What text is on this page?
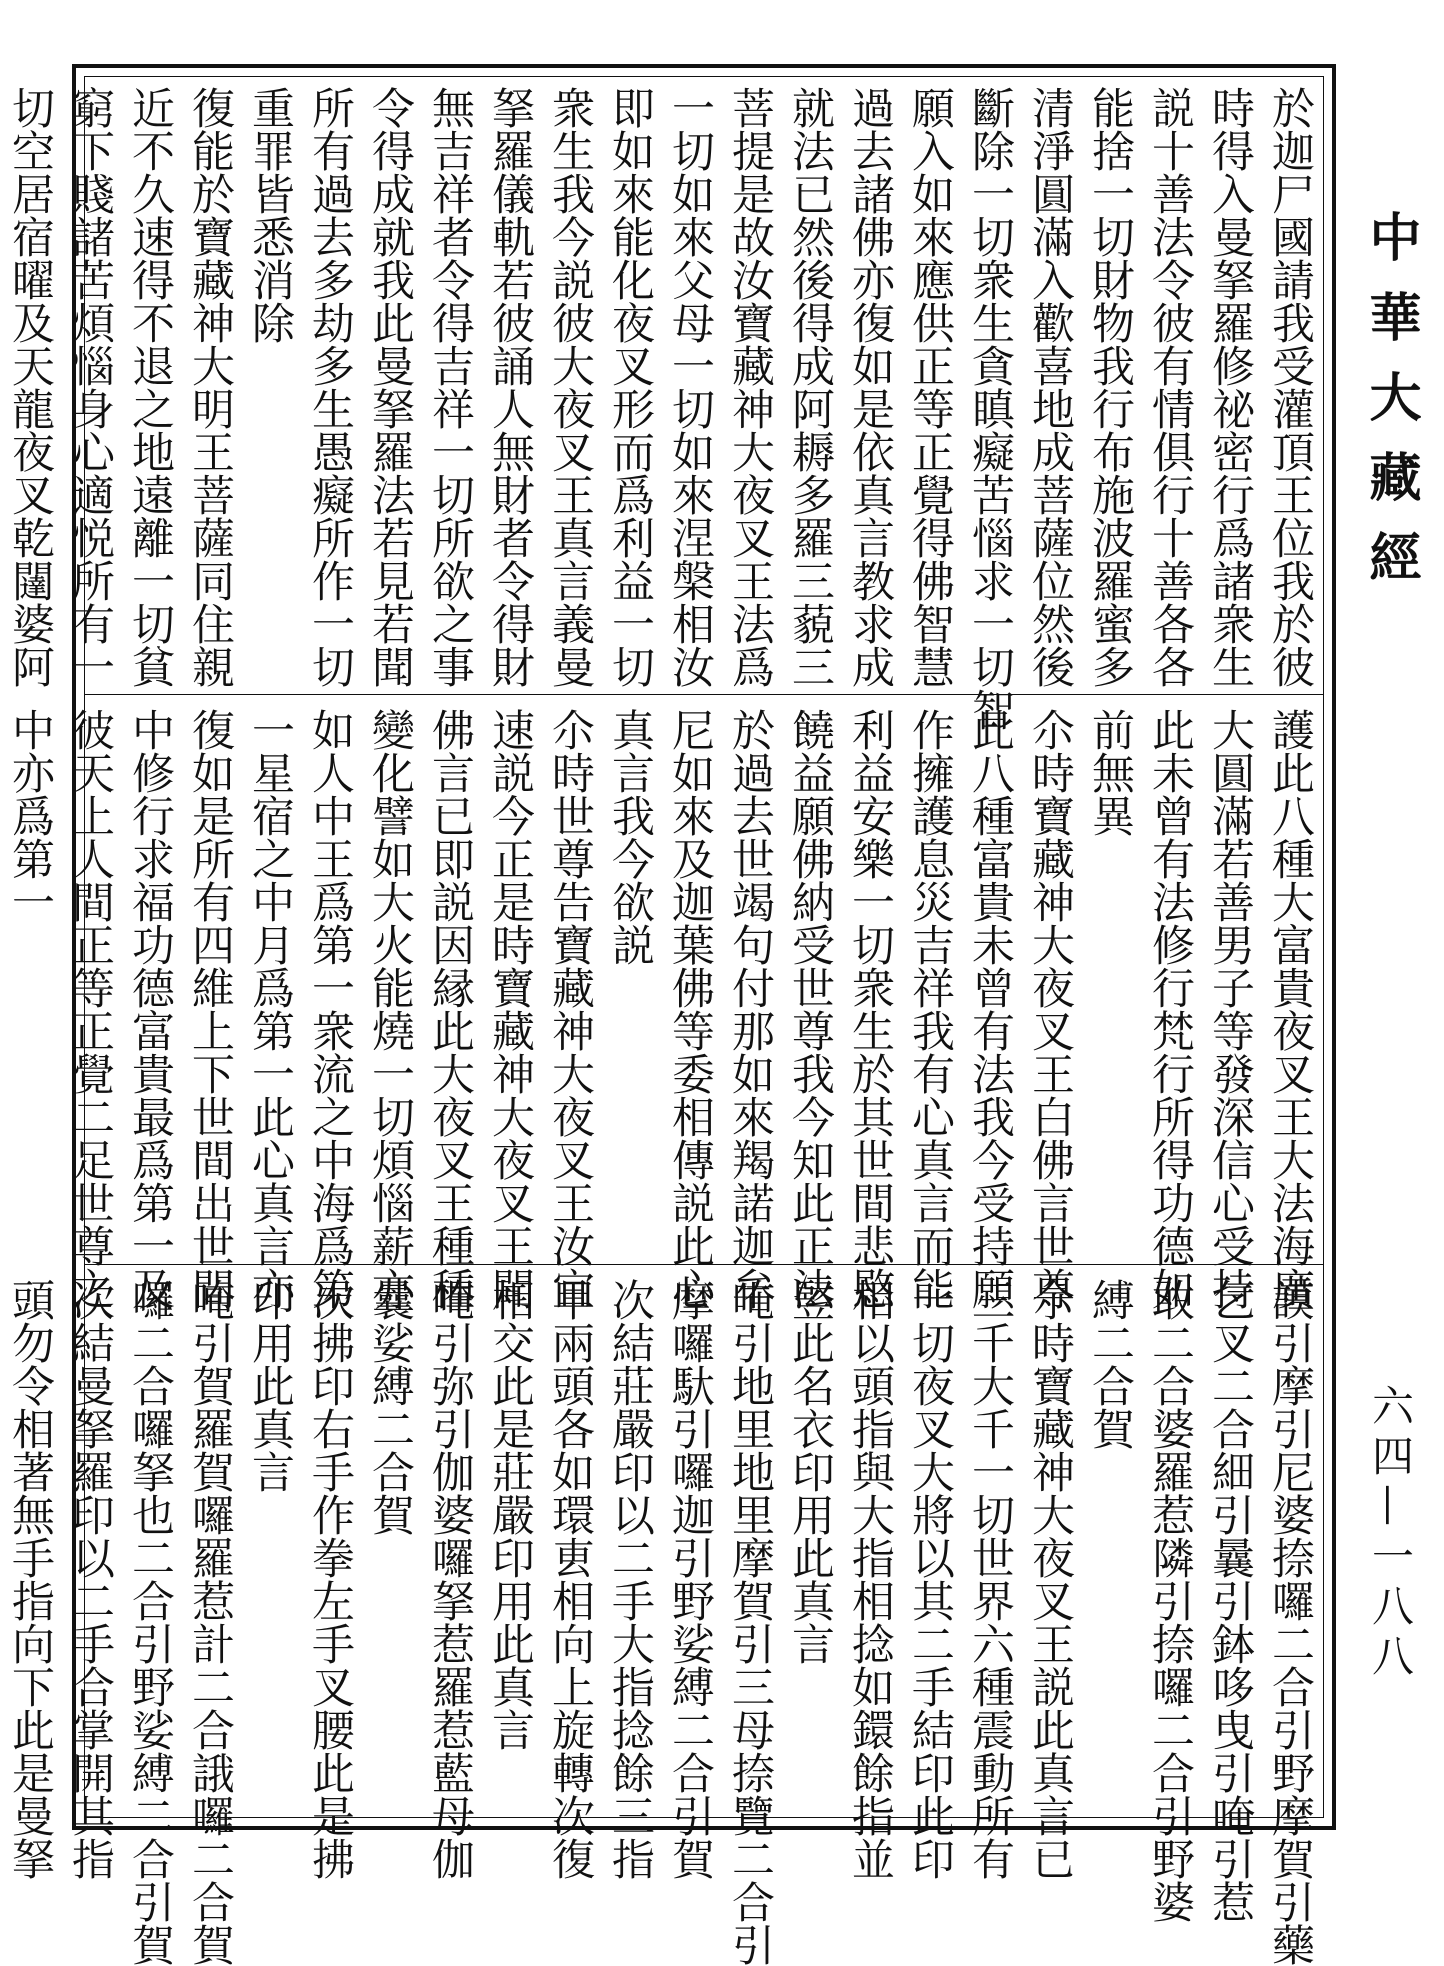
於迦尸國請我受灌頂王位我於彼
時得入曼拏羅修祕密行爲諸衆生
説十善法令彼有情俱行十善各各
能捨一切財物我行布施波羅蜜多
清淨圓滿入歡喜地成菩薩位然後
斷除一切衆生貪瞋癡苦惱求一切智
願入如來應供正等正覺得佛智慧
過去諸佛亦復如是依真言教求成
就法已然後得成阿耨多羅三藐三
菩提是故汝寶藏神大夜叉王法爲
一切如來父母一切如來涅槃相汝
即如來能化夜叉形而爲利益一切
衆生我今説彼大夜叉王真言義曼
拏羅儀軌若彼誦人無財者令得財
無吉祥者令得吉祥一切所欲之事
令得成就我此曼拏羅法若見若聞
所有過去多劫多生愚癡所作一切
重罪皆悉消除
復能於寶藏神大明王菩薩同住親
近不久速得不退之地遠離一切貧
窮下賤諸苦煩惱身心適悦所有一
切空居宿曜及天龍夜叉乾闥婆阿
護此八種大富貴夜叉王大法海廣
大圓滿若善男子等發深信心受持
此未曾有法修行梵行所得功德如
前無異
尒時寶藏神大夜叉王白佛言世尊
此八種富貴未曾有法我今受持願
作擁護息災吉祥我有心真言而能
利益安樂一切衆生於其世間悲愍
饒益願佛納受世尊我今知此正法
於過去世竭句付那如來羯諾迦牟
尼如來及迦葉佛等委相傳説此心
真言我今欲説
尒時世尊告寶藏神大夜叉王汝宜
速説今正是時寶藏神大夜叉王聞
佛言已即説因縁此大夜叉王種種
變化譬如大火能燒一切煩惱薪亦
如人中王爲第一衆流之中海爲第
一星宿之中月爲第一此心真言亦
復如是所有四維上下世間出世間
中修行求福功德富貴最爲第一及
彼天上人間正等正覺二足世尊之
中亦爲第一
謨引摩引尼婆捺囉二合引野摩賀引藥
乞叉二合細引曩引鉢哆曳引唵引惹
敢二合婆羅惹隣引捺囉二合引野婆
縛二合賀
尒時寶藏神大夜叉王説此真言已
三千大千一切世界六種震動所有
一切夜叉大將以其二手結印此印
相以頭指與大指相捻如鐶餘指並
竪此名衣印用此真言
唵引地里地里摩賀引三母捺覽二合引
摩囉馱引囉迦引野娑縛二合引賀
次結莊嚴印以二手大指捻餘三指
甲兩頭各如環叀相向上旋轉次復
相交此是莊嚴印用此真言
唵引弥引伽婆囉拏惹羅惹藍母伽
曩娑縛二合賀
次拂印右手作拳左手叉腰此是拂
印用此真言
唵引賀羅賀囉羅惹計二合誐囉二合賀
囉二合囉拏也二合引野娑縛二合引賀
次結曼拏羅印以二手合掌開其指
頭勿令相著無手指向下此是曼拏
中華大藏經
六四—一八八
